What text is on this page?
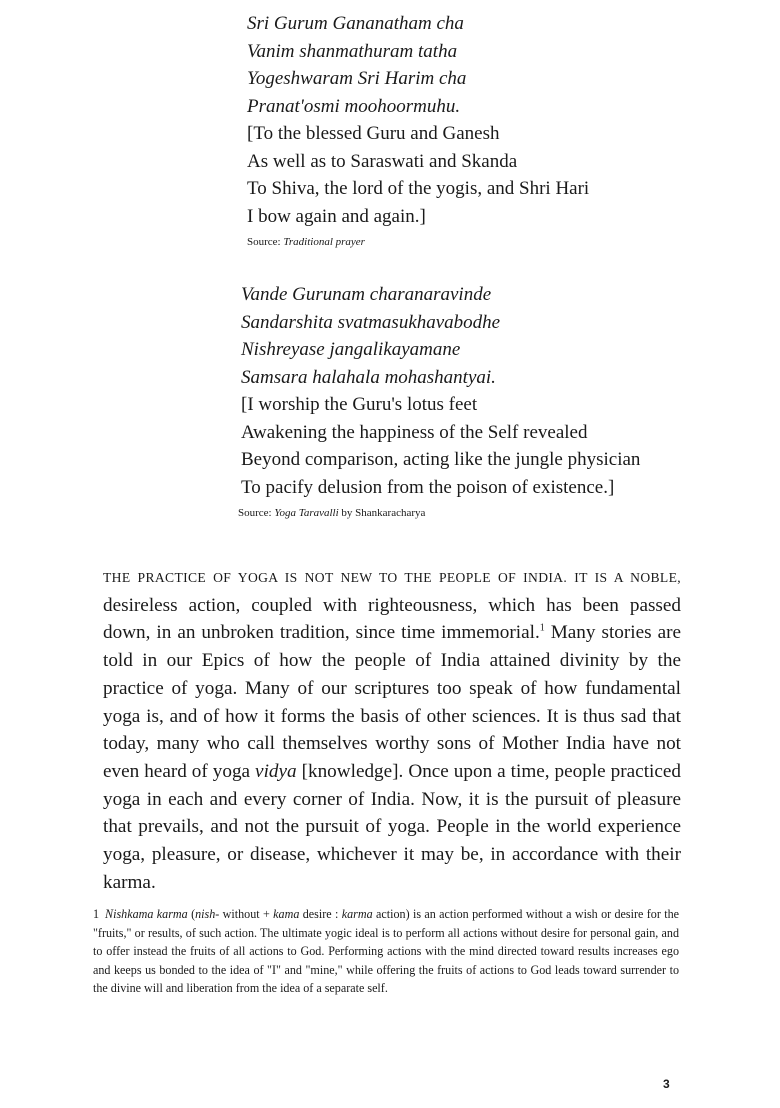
Sri Gurum Gananatham cha
Vanim shanmathuram tatha
Yogeshwaram Sri Harim cha
Pranat'osmi moohoormuhu.
[To the blessed Guru and Ganesh
As well as to Saraswati and Skanda
To Shiva, the lord of the yogis, and Shri Hari
I bow again and again.]
Source: Traditional prayer
Vande Gurunam charanaravinde
Sandarshita svatmasukhavabodhe
Nishreyase jangalikayamane
Samsara halahala mohashantyai.
[I worship the Guru's lotus feet
Awakening the happiness of the Self revealed
Beyond comparison, acting like the jungle physician
To pacify delusion from the poison of existence.]
Source: Yoga Taravalli by Shankaracharya

THE PRACTICE OF YOGA IS NOT NEW TO THE PEOPLE OF INDIA. IT IS A NOBLE, desireless action, coupled with righteousness, which has been passed down, in an unbroken tradition, since time immemorial.$^1$ Many stories are told in our Epics of how the people of India attained divinity by the practice of yoga. Many of our scriptures too speak of how fundamental yoga is, and of how it forms the basis of other sciences. It is thus sad that today, many who call themselves worthy sons of Mother India have not even heard of yoga vidya [knowledge]. Once upon a time, people practiced yoga in each and every corner of India. Now, it is the pursuit of pleasure that prevails, and not the pursuit of yoga. People in the world experience yoga, pleasure, or disease, whichever it may be, in accordance with their karma.

1 Nishkama karma (nish- without + kama desire : karma action) is an action performed without a wish or desire for the "fruits," or results, of such action. The ultimate yogic ideal is to perform all actions without desire for personal gain, and to offer instead the fruits of all actions to God. Performing actions with the mind directed toward results increases ego and keeps us bonded to the idea of "I" and "mine," while offering the fruits of actions to God leads toward surrender to the divine will and liberation from the idea of a separate self.

3
